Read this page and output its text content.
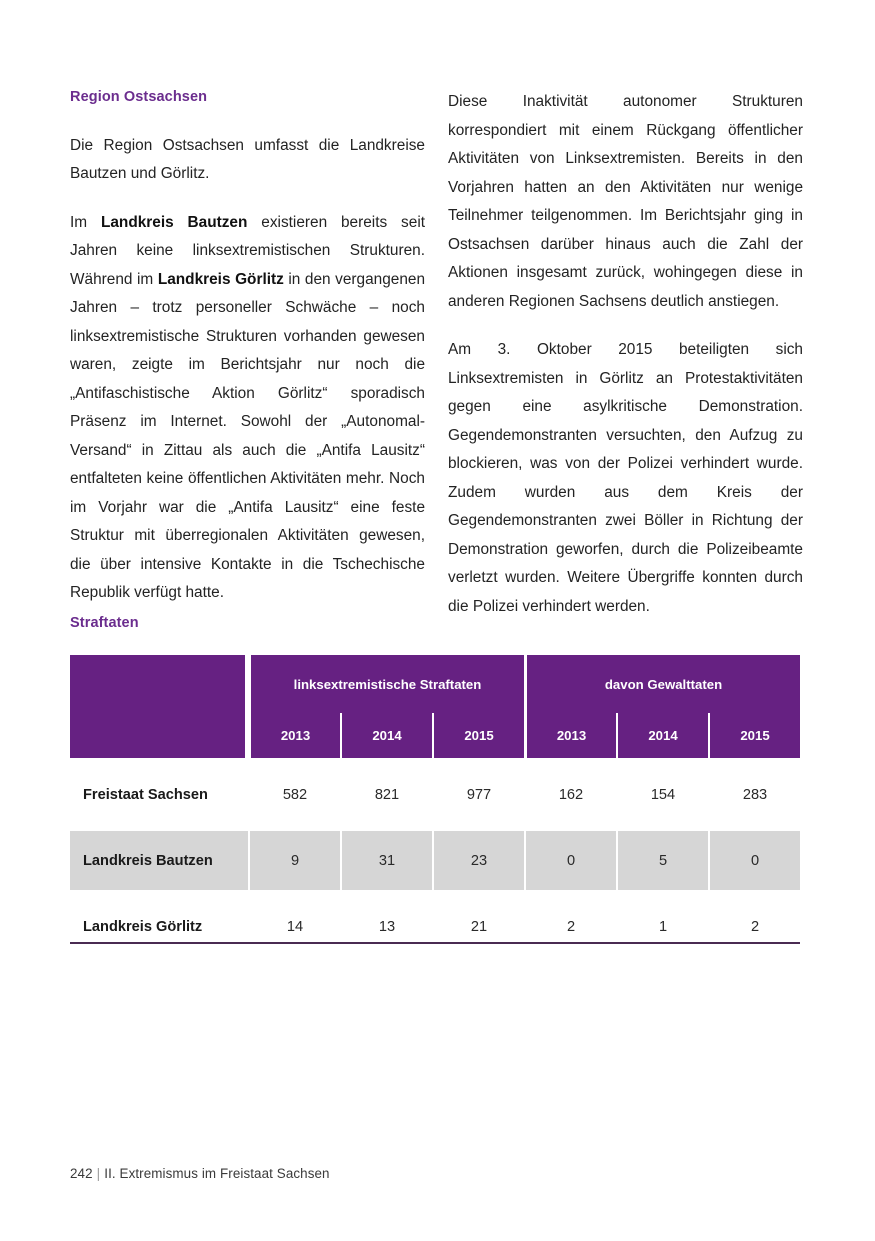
Region Ostsachsen

Die Region Ostsachsen umfasst die Landkreise Bautzen und Görlitz.

Im Landkreis Bautzen existieren bereits seit Jahren keine linksextremistischen Strukturen. Während im Landkreis Görlitz in den vergangenen Jahren – trotz personeller Schwäche – noch linksextremistische Strukturen vorhanden gewesen waren, zeigte im Berichtsjahr nur noch die „Antifaschistische Aktion Görlitz“ sporadisch Präsenz im Internet. Sowohl der „Autonomal-Versand“ in Zittau als auch die „Antifa Lausitz“ entfalteten keine öffentlichen Aktivitäten mehr. Noch im Vorjahr war die „Antifa Lausitz“ eine feste Struktur mit überregionalen Aktivitäten gewesen, die über intensive Kontakte in die Tschechische Republik verfügt hatte.

Diese Inaktivität autonomer Strukturen korrespondiert mit einem Rückgang öffentlicher Aktivitäten von Linksextremisten. Bereits in den Vorjahren hatten an den Aktivitäten nur wenige Teilnehmer teilgenommen. Im Berichtsjahr ging in Ostsachsen darüber hinaus auch die Zahl der Aktionen insgesamt zurück, wohingegen diese in anderen Regionen Sachsens deutlich anstiegen.

Am 3. Oktober 2015 beteiligten sich Linksextremisten in Görlitz an Protestaktivitäten gegen eine asylkritische Demonstration. Gegendemonstranten versuchten, den Aufzug zu blockieren, was von der Polizei verhindert wurde. Zudem wurden aus dem Kreis der Gegendemonstranten zwei Böller in Richtung der Demonstration geworfen, durch die Polizeibeamte verletzt wurden. Weitere Übergriffe konnten durch die Polizei verhindert werden.

Straftaten
	linksextremistische Straftaten			davon Gewalttaten		
	2013	2014	2015	2013	2014	2015

Freistaat Sachsen	582	821	977	162	154	283

Landkreis Bautzen	9	31	23	0	5	0

Landkreis Görlitz	14	13	21	2	1	2
242 | II. Extremismus im Freistaat Sachsen
